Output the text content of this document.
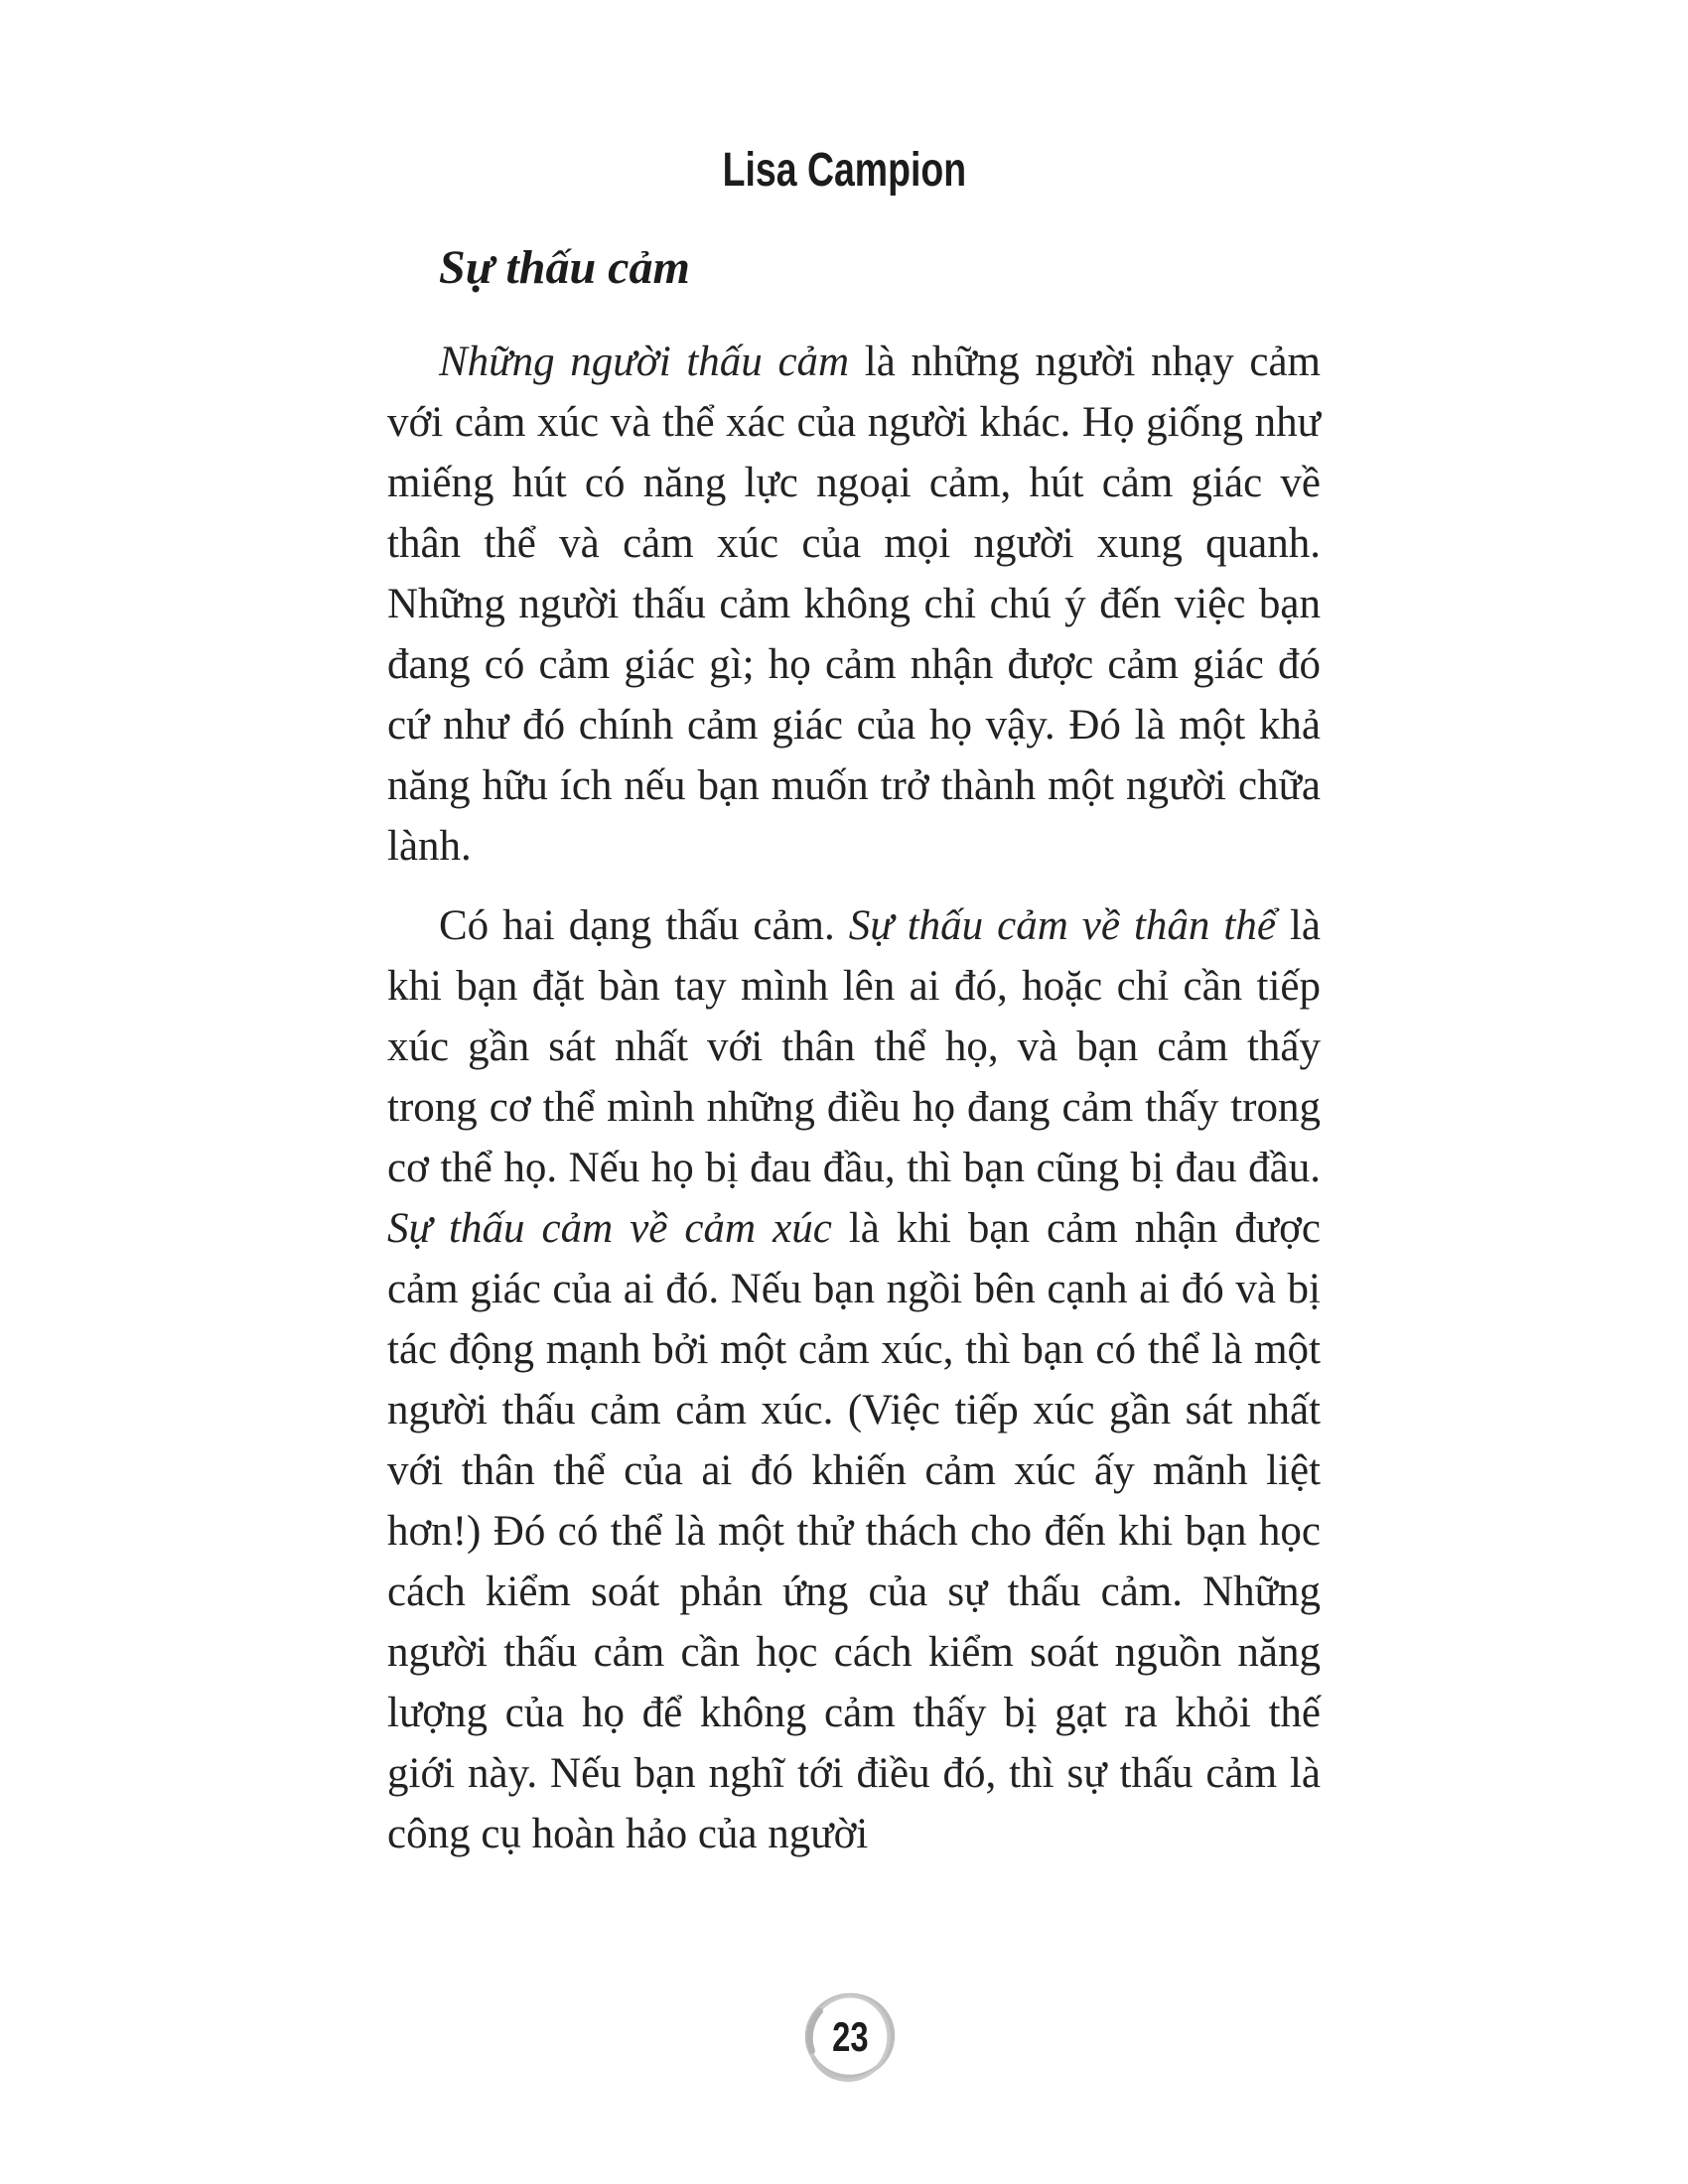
Lisa Campion
Sự thấu cảm

Những người thấu cảm là những người nhạy cảm với cảm xúc và thể xác của người khác. Họ giống như miếng hút có năng lực ngoại cảm, hút cảm giác về thân thể và cảm xúc của mọi người xung quanh. Những người thấu cảm không chỉ chú ý đến việc bạn đang có cảm giác gì; họ cảm nhận được cảm giác đó cứ như đó chính cảm giác của họ vậy. Đó là một khả năng hữu ích nếu bạn muốn trở thành một người chữa lành.

Có hai dạng thấu cảm. Sự thấu cảm về thân thể là khi bạn đặt bàn tay mình lên ai đó, hoặc chỉ cần tiếp xúc gần sát nhất với thân thể họ, và bạn cảm thấy trong cơ thể mình những điều họ đang cảm thấy trong cơ thể họ. Nếu họ bị đau đầu, thì bạn cũng bị đau đầu. Sự thấu cảm về cảm xúc là khi bạn cảm nhận được cảm giác của ai đó. Nếu bạn ngồi bên cạnh ai đó và bị tác động mạnh bởi một cảm xúc, thì bạn có thể là một người thấu cảm cảm xúc. (Việc tiếp xúc gần sát nhất với thân thể của ai đó khiến cảm xúc ấy mãnh liệt hơn!) Đó có thể là một thử thách cho đến khi bạn học cách kiểm soát phản ứng của sự thấu cảm. Những người thấu cảm cần học cách kiểm soát nguồn năng lượng của họ để không cảm thấy bị gạt ra khỏi thế giới này. Nếu bạn nghĩ tới điều đó, thì sự thấu cảm là công cụ hoàn hảo của người

23
